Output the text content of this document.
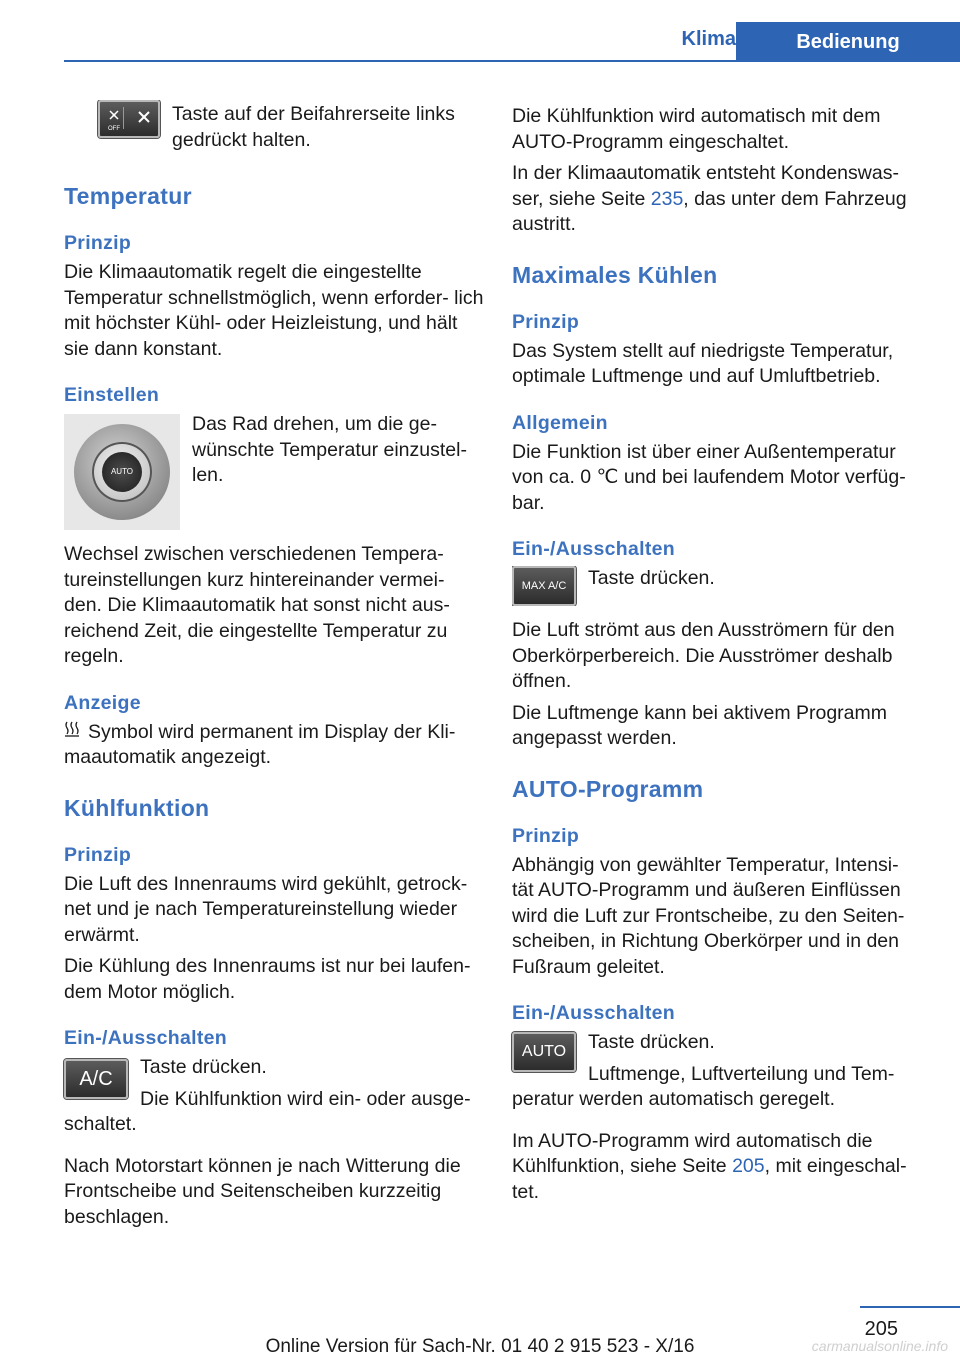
Klima	Bedienung
OFF

Taste auf der Beifahrerseite links gedrückt halten.

Temperatur
Prinzip

Die Klimaautomatik regelt die eingestellte Temperatur schnellstmöglich, wenn erforder- lich mit höchster Kühl- oder Heizleistung, und hält sie dann konstant.

Einstellen
AUTO

Das Rad drehen, um die ge- wünschte Temperatur einzustel- len.

Wechsel zwischen verschiedenen Tempera- tureinstellungen kurz hintereinander vermei- den. Die Klimaautomatik hat sonst nicht aus- reichend Zeit, die eingestellte Temperatur zu regeln.

Anzeige

Symbol wird permanent im Display der Kli- maautomatik angezeigt.

Kühlfunktion
Prinzip

Die Luft des Innenraums wird gekühlt, getrock- net und je nach Temperatureinstellung wieder erwärmt.

Die Kühlung des Innenraums ist nur bei laufen- dem Motor möglich.

Ein-/Ausschalten
A/C

Taste drücken.

Die Kühlfunktion wird ein- oder ausge- schaltet.

Nach Motorstart können je nach Witterung die Frontscheibe und Seitenscheiben kurzzeitig beschlagen.

Die Kühlfunktion wird automatisch mit dem AUTO-Programm eingeschaltet.

In der Klimaautomatik entsteht Kondenswas- ser, siehe Seite 235, das unter dem Fahrzeug austritt.

Maximales Kühlen
Prinzip

Das System stellt auf niedrigste Temperatur, optimale Luftmenge und auf Umluftbetrieb.

Allgemein

Die Funktion ist über einer Außentemperatur von ca. 0 ℃ und bei laufendem Motor verfüg- bar.

Ein-/Ausschalten
MAX A/C	Taste drücken.

Die Luft strömt aus den Ausströmern für den Oberkörperbereich. Die Ausströmer deshalb öffnen.

Die Luftmenge kann bei aktivem Programm angepasst werden.

AUTO-Programm
Prinzip

Abhängig von gewählter Temperatur, Intensi- tät AUTO-Programm und äußeren Einflüssen wird die Luft zur Frontscheibe, zu den Seiten- scheiben, in Richtung Oberkörper und in den Fußraum geleitet.

Ein-/Ausschalten
AUTO	Taste drücken.

Luftmenge, Luftverteilung und Tem- peratur werden automatisch geregelt.

Im AUTO-Programm wird automatisch die Kühlfunktion, siehe Seite 205, mit eingeschal- tet.

205
Online Version für Sach-Nr. 01 40 2 915 523 - X/16	carmanualsonline.info
